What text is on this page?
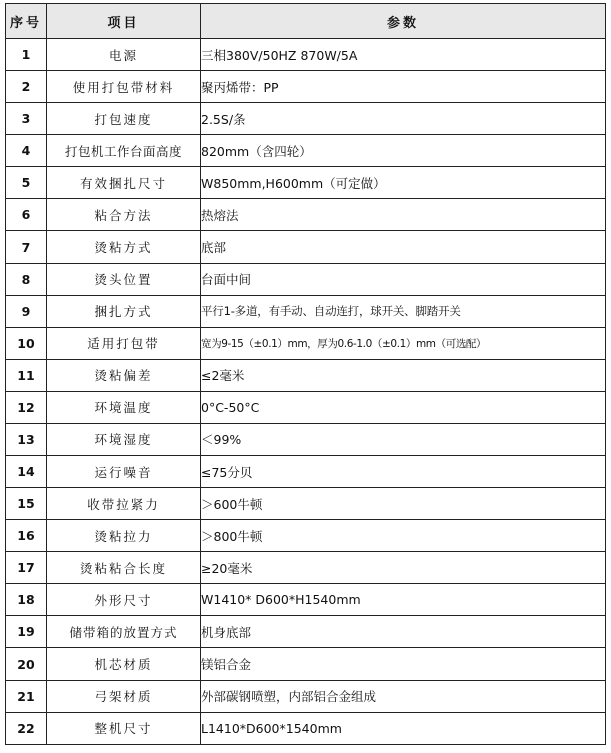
序号	项目	参数
1	电源	三相380V/50HZ 870W/5A
2	使用打包带材料	聚丙烯带：PP
3	打包速度	2.5S/条
4	打包机工作台面高度	820mm（含四轮）
5	有效捆扎尺寸	W850mm,H600mm（可定做）
6	粘合方法	热熔法
7	烫粘方式	底部
8	烫头位置	台面中间
9	捆扎方式	平行1-多道，有手动、自动连打，球开关、脚踏开关
10	适用打包带	宽为9-15（±0.1）mm，厚为0.6-1.0（±0.1）mm（可选配）
11	烫粘偏差	≤2毫米
12	环境温度	0°C-50°C
13	环境湿度	＜99%
14	运行噪音	≤75分贝
15	收带拉紧力	＞600牛顿
16	烫粘拉力	＞800牛顿
17	烫粘粘合长度	≥20毫米
18	外形尺寸	W1410* D600*H1540mm
19	储带箱的放置方式	机身底部
20	机芯材质	镁铝合金
21	弓架材质	外部碳钢喷塑，内部铝合金组成
22	整机尺寸	L1410*D600*1540mm
